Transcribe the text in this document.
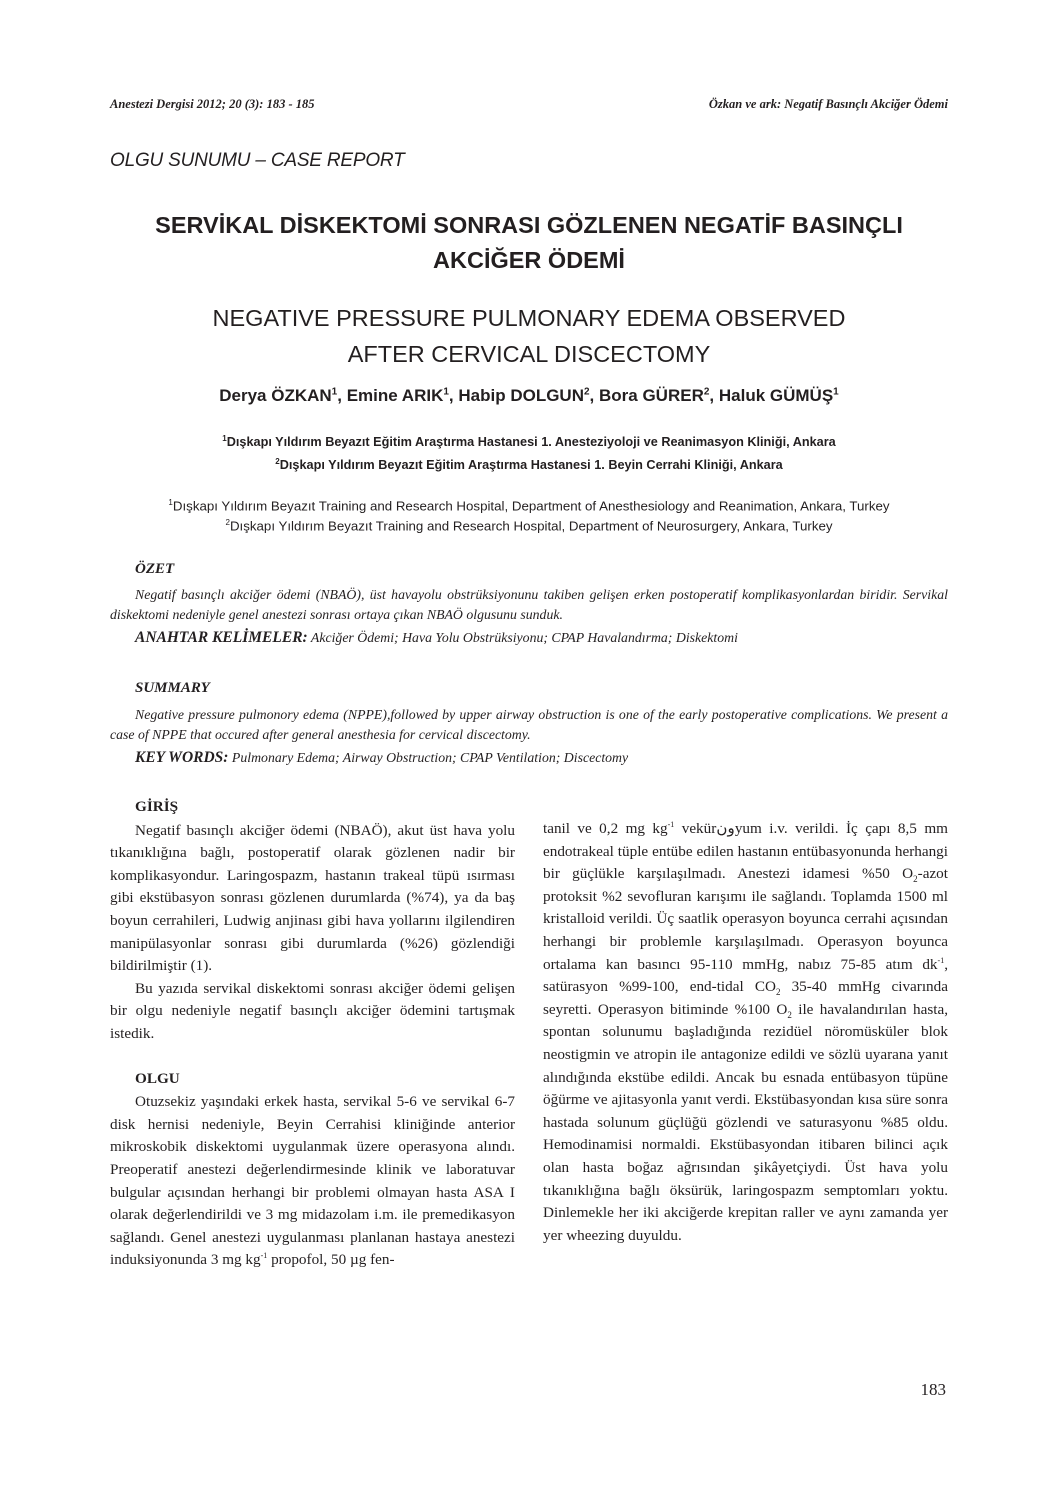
Anestezi Dergisi 2012; 20 (3): 183 - 185	Özkan ve ark: Negatif Basınçlı Akciğer Ödemi
OLGU SUNUMU – CASE REPORT
SERVİKAL DİSKEKTOMİ SONRASI GÖZLENEN NEGATİF BASINÇLI
AKCİĞER ÖDEMİ
NEGATIVE PRESSURE PULMONARY EDEMA OBSERVED
AFTER CERVICAL DISCECTOMY
Derya ÖZKAN$^1$, Emine ARIK$^1$, Habip DOLGUN$^2$, Bora GÜRER$^2$, Haluk GÜMÜŞ$^1$
$^1$Dışkapı Yıldırım Beyazıt Eğitim Araştırma Hastanesi 1. Anesteziyoloji ve Reanimasyon Kliniği, Ankara
$^2$Dışkapı Yıldırım Beyazıt Eğitim Araştırma Hastanesi 1. Beyin Cerrahi Kliniği, Ankara
$^1$Dışkapı Yıldırım Beyazıt Training and Research Hospital, Department of Anesthesiology and Reanimation, Ankara, Turkey
$^2$Dışkapı Yıldırım Beyazıt Training and Research Hospital, Department of Neurosurgery, Ankara, Turkey
ÖZET
Negatif basınçlı akciğer ödemi (NBAÖ), üst havayolu obstrüksiyonunu takiben gelişen erken postoperatif komplikasyonlardan biridir. Servikal diskektomi nedeniyle genel anestezi sonrası ortaya çıkan NBAÖ olgusunu sunduk.
ANAHTAR KELİMELER: Akciğer Ödemi; Hava Yolu Obstrüksiyonu; CPAP Havalandırma; Diskektomi
SUMMARY
Negative pressure pulmonory edema (NPPE),followed by upper airway obstruction is one of the early postoperative complications. We present a case of NPPE that occured after general anesthesia for cervical discectomy.
KEY WORDS: Pulmonary Edema; Airway Obstruction; CPAP Ventilation; Discectomy
GİRİŞ

Negatif basınçlı akciğer ödemi (NBAÖ), akut üst hava yolu tıkanıklığına bağlı, postoperatif olarak gözlenen nadir bir komplikasyondur. Laringospazm, hastanın trakeal tüpü ısırması gibi ekstübasyon sonrası gözlenen durumlarda (%74), ya da baş boyun cerrahileri, Ludwig anjinası gibi hava yollarını ilgilendiren manipülasyonlar sonrası gibi durumlarda (%26) gözlendiği bildirilmiştir (1).

Bu yazıda servikal diskektomi sonrası akciğer ödemi gelişen bir olgu nedeniyle negatif basınçlı akciğer ödemini tartışmak istedik.

OLGU

Otuzsekiz yaşındaki erkek hasta, servikal 5-6 ve servikal 6-7 disk hernisi nedeniyle, Beyin Cerrahisi kliniğinde anterior mikroskobik diskektomi uygulanmak üzere operasyona alındı. Preoperatif anestezi değerlendirmesinde klinik ve laboratuvar bulgular açısından herhangi bir problemi olmayan hasta ASA I olarak değerlendirildi ve 3 mg midazolam i.m. ile premedikasyon sağlandı. Genel anestezi uygulanması planlanan hastaya anestezi induksiyonunda 3 mg $kg^{-1}$ propofol, 50 µg fen-

tanil ve 0,2 mg $kg^{-1}$ vekürونyum i.v. verildi. İç çapı 8,5 mm endotrakeal tüple entübe edilen hastanın entübasyonunda herhangi bir güçlükle karşılaşılmadı. Anestezi idamesi %50 $O_2$-azot protoksit %2 sevofluran karışımı ile sağlandı. Toplamda 1500 ml kristalloid verildi. Üç saatlik operasyon boyunca cerrahi açısından herhangi bir problemle karşılaşılmadı. Operasyon boyunca ortalama kan basıncı 95-110 mmHg, nabız 75-85 atım $dk^{-1}$, satürasyon %99-100, end-tidal $CO_2$ 35-40 mmHg civarında seyretti. Operasyon bitiminde %100 $O_2$ ile havalandırılan hasta, spontan solunumu başladığında rezidüel nöromüsküler blok neostigmin ve atropin ile antagonize edildi ve sözlü uyarana yanıt alındığında ekstübe edildi. Ancak bu esnada entübasyon tüpüne öğürme ve ajitasyonla yanıt verdi. Ekstübasyondan kısa süre sonra hastada solunum güçlüğü gözlendi ve saturasyonu %85 oldu. Hemodinamisi normaldi. Ekstübasyondan itibaren bilinci açık olan hasta boğaz ağrısından şikâyetçiydi. Üst hava yolu tıkanıklığına bağlı öksürük, laringospazm semptomları yoktu. Dinlemekle her iki akciğerde krepitan raller ve aynı zamanda yer yer wheezing duyuldu.

183
